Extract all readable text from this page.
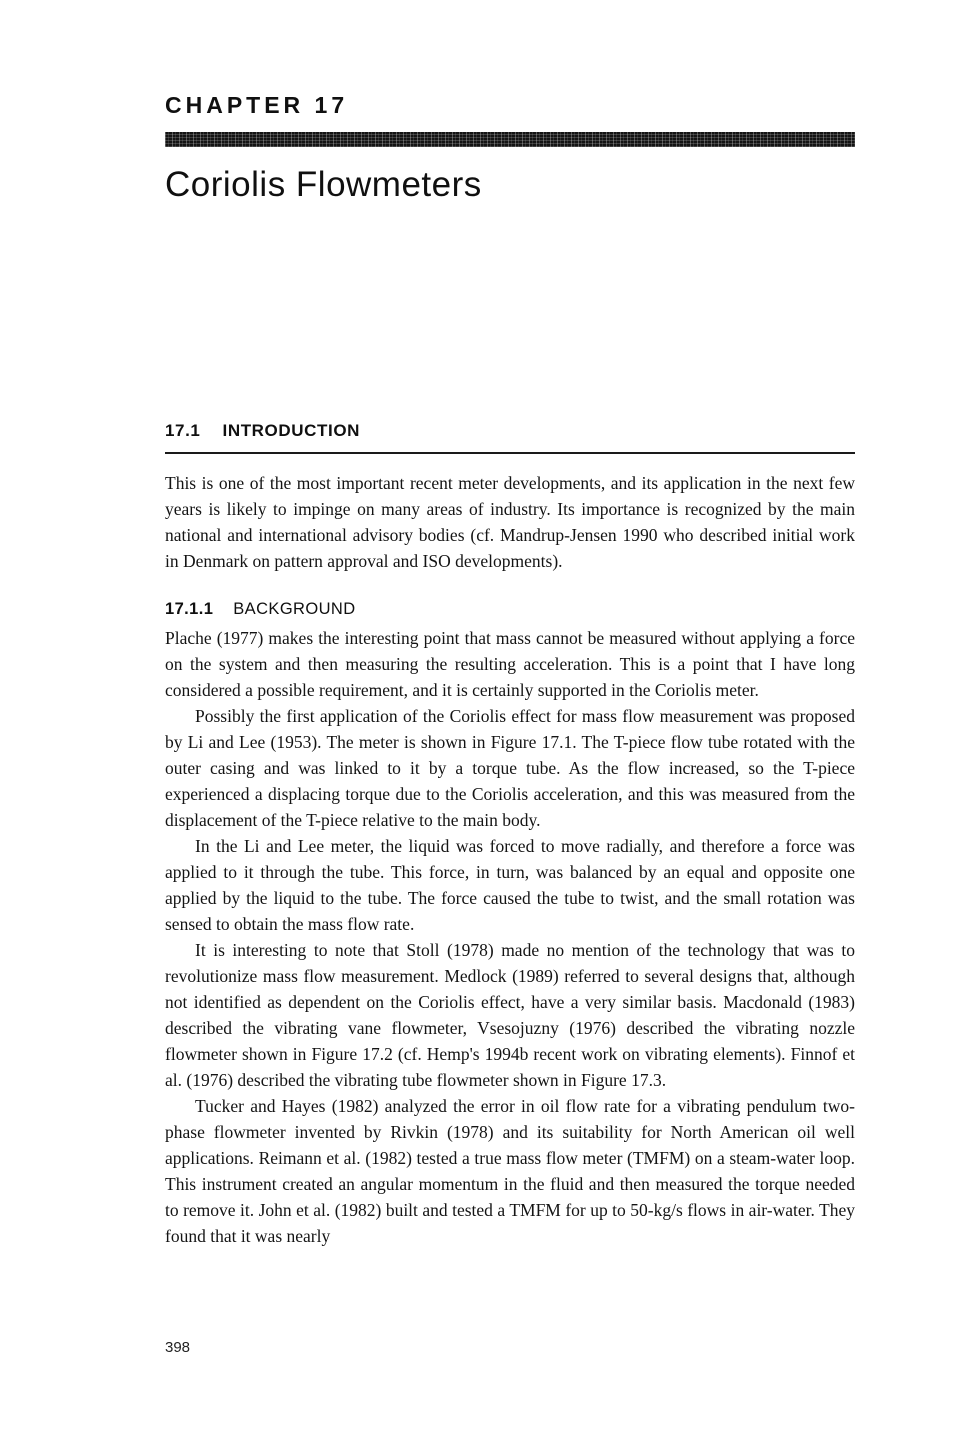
CHAPTER 17
Coriolis Flowmeters
17.1 INTRODUCTION

This is one of the most important recent meter developments, and its application in the next few years is likely to impinge on many areas of industry. Its importance is recognized by the main national and international advisory bodies (cf. Mandrup-Jensen 1990 who described initial work in Denmark on pattern approval and ISO developments).

17.1.1 BACKGROUND

Plache (1977) makes the interesting point that mass cannot be measured without applying a force on the system and then measuring the resulting acceleration. This is a point that I have long considered a possible requirement, and it is certainly supported in the Coriolis meter.

Possibly the first application of the Coriolis effect for mass flow measurement was proposed by Li and Lee (1953). The meter is shown in Figure 17.1. The T-piece flow tube rotated with the outer casing and was linked to it by a torque tube. As the flow increased, so the T-piece experienced a displacing torque due to the Coriolis acceleration, and this was measured from the displacement of the T-piece relative to the main body.

In the Li and Lee meter, the liquid was forced to move radially, and therefore a force was applied to it through the tube. This force, in turn, was balanced by an equal and opposite one applied by the liquid to the tube. The force caused the tube to twist, and the small rotation was sensed to obtain the mass flow rate.

It is interesting to note that Stoll (1978) made no mention of the technology that was to revolutionize mass flow measurement. Medlock (1989) referred to several designs that, although not identified as dependent on the Coriolis effect, have a very similar basis. Macdonald (1983) described the vibrating vane flowmeter, Vsesojuzny (1976) described the vibrating nozzle flowmeter shown in Figure 17.2 (cf. Hemp's 1994b recent work on vibrating elements). Finnof et al. (1976) described the vibrating tube flowmeter shown in Figure 17.3.

Tucker and Hayes (1982) analyzed the error in oil flow rate for a vibrating pendulum two-phase flowmeter invented by Rivkin (1978) and its suitability for North American oil well applications. Reimann et al. (1982) tested a true mass flow meter (TMFM) on a steam-water loop. This instrument created an angular momentum in the fluid and then measured the torque needed to remove it. John et al. (1982) built and tested a TMFM for up to 50-kg/s flows in air-water. They found that it was nearly

398
